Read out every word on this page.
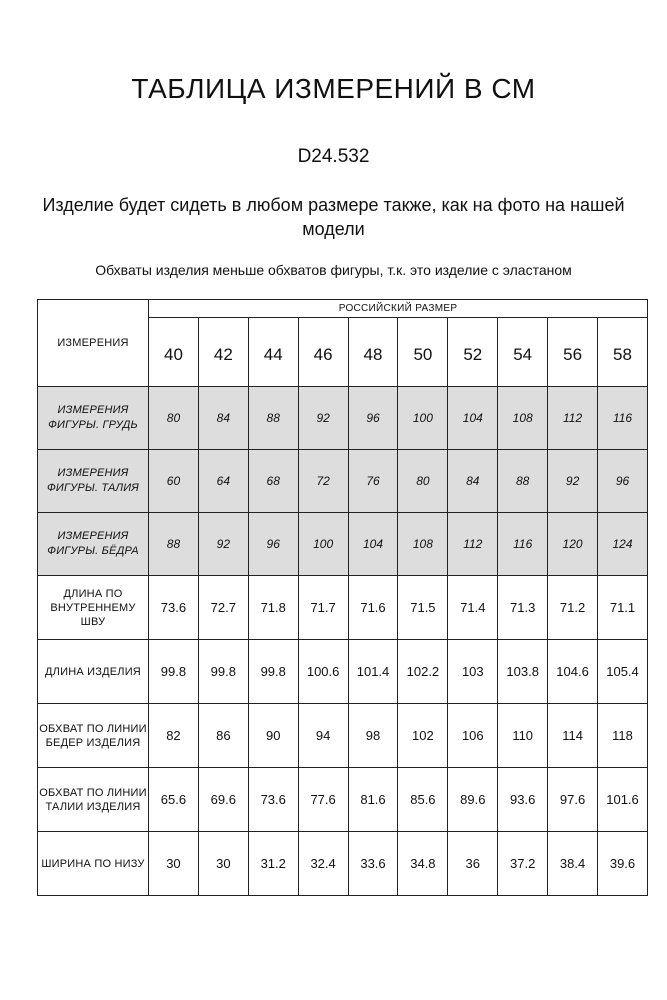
ТАБЛИЦА ИЗМЕРЕНИЙ В СМ
D24.532
Изделие будет сидеть в любом размере также, как на фото на нашей модели
Обхваты изделия меньше обхватов фигуры, т.к. это изделие с эластаном
ИЗМЕРЕНИЯ	РОССИЙСКИЙ РАЗМЕР									
	40	42	44	46	48	50	52	54	56	58
ИЗМЕРЕНИЯ ФИГУРЫ. ГРУДЬ	80	84	88	92	96	100	104	108	112	116
ИЗМЕРЕНИЯ ФИГУРЫ. ТАЛИЯ	60	64	68	72	76	80	84	88	92	96
ИЗМЕРЕНИЯ ФИГУРЫ. БЁДРА	88	92	96	100	104	108	112	116	120	124
ДЛИНА ПО ВНУТРЕННЕМУ ШВУ	73.6	72.7	71.8	71.7	71.6	71.5	71.4	71.3	71.2	71.1
ДЛИНА ИЗДЕЛИЯ	99.8	99.8	99.8	100.6	101.4	102.2	103	103.8	104.6	105.4
ОБХВАТ ПО ЛИНИИ БЕДЕР ИЗДЕЛИЯ	82	86	90	94	98	102	106	110	114	118
ОБХВАТ ПО ЛИНИИ ТАЛИИ ИЗДЕЛИЯ	65.6	69.6	73.6	77.6	81.6	85.6	89.6	93.6	97.6	101.6
ШИРИНА ПО НИЗУ	30	30	31.2	32.4	33.6	34.8	36	37.2	38.4	39.6
